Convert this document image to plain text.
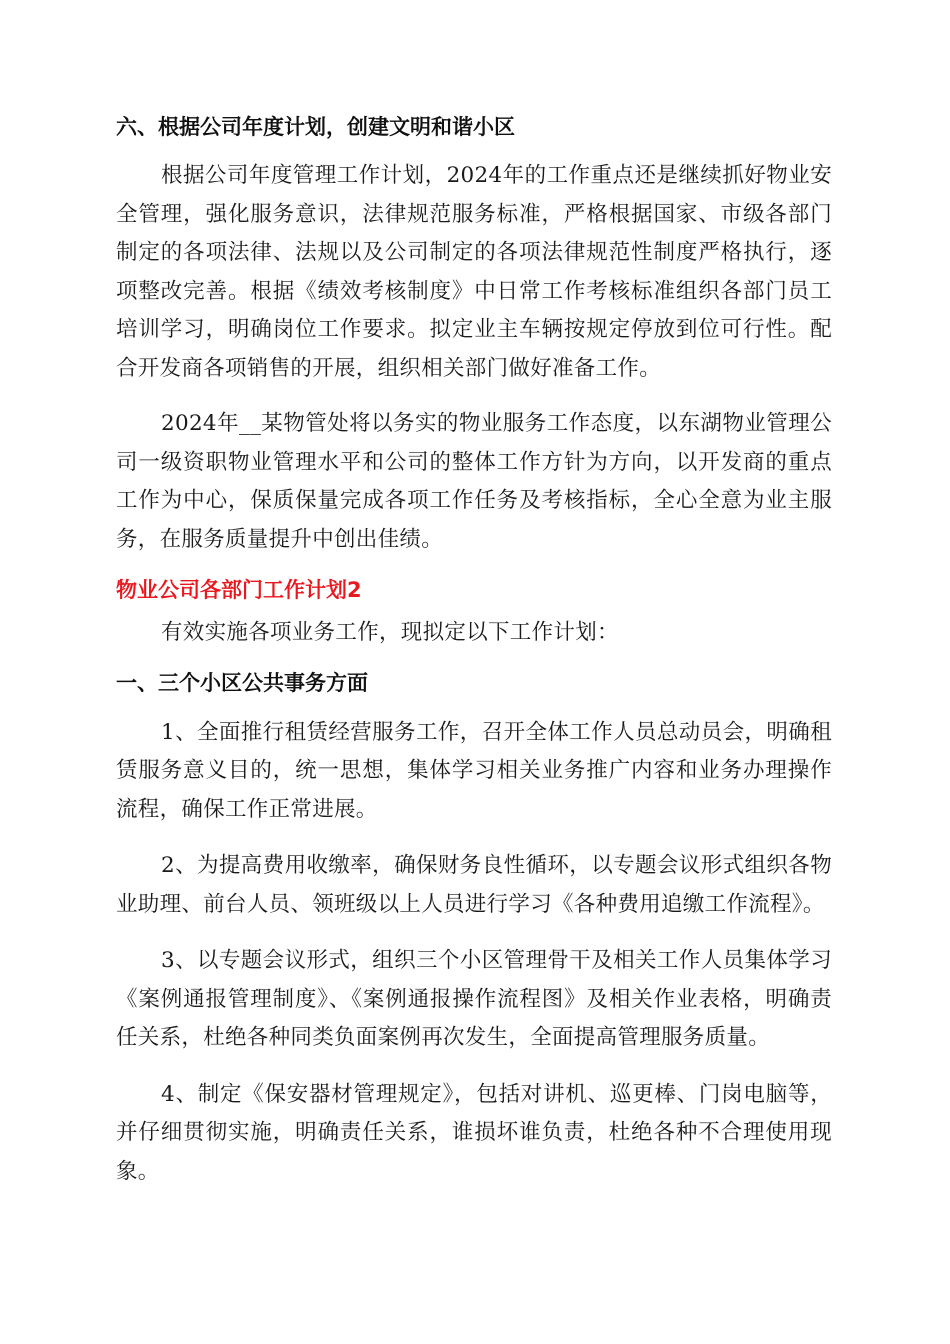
六、根据公司年度计划，创建文明和谐小区

根据公司年度管理工作计划，2024年的工作重点还是继续抓好物业安全管理，强化服务意识，法律规范服务标准，严格根据国家、市级各部门制定的各项法律、法规以及公司制定的各项法律规范性制度严格执行，逐项整改完善。根据《绩效考核制度》中日常工作考核标准组织各部门员工培训学习，明确岗位工作要求。拟定业主车辆按规定停放到位可行性。配合开发商各项销售的开展，组织相关部门做好准备工作。

2024年__某物管处将以务实的物业服务工作态度，以东湖物业管理公司一级资职物业管理水平和公司的整体工作方针为方向，以开发商的重点工作为中心，保质保量完成各项工作任务及考核指标，全心全意为业主服务，在服务质量提升中创出佳绩。

物业公司各部门工作计划2

有效实施各项业务工作，现拟定以下工作计划：

一、三个小区公共事务方面

1、全面推行租赁经营服务工作，召开全体工作人员总动员会，明确租赁服务意义目的，统一思想，集体学习相关业务推广内容和业务办理操作流程，确保工作正常进展。

2、为提高费用收缴率，确保财务良性循环，以专题会议形式组织各物业助理、前台人员、领班级以上人员进行学习《各种费用追缴工作流程》。

3、以专题会议形式，组织三个小区管理骨干及相关工作人员集体学习《案例通报管理制度》、《案例通报操作流程图》及相关作业表格，明确责任关系，杜绝各种同类负面案例再次发生，全面提高管理服务质量。

4、制定《保安器材管理规定》，包括对讲机、巡更棒、门岗电脑等，并仔细贯彻实施，明确责任关系，谁损坏谁负责，杜绝各种不合理使用现象。
